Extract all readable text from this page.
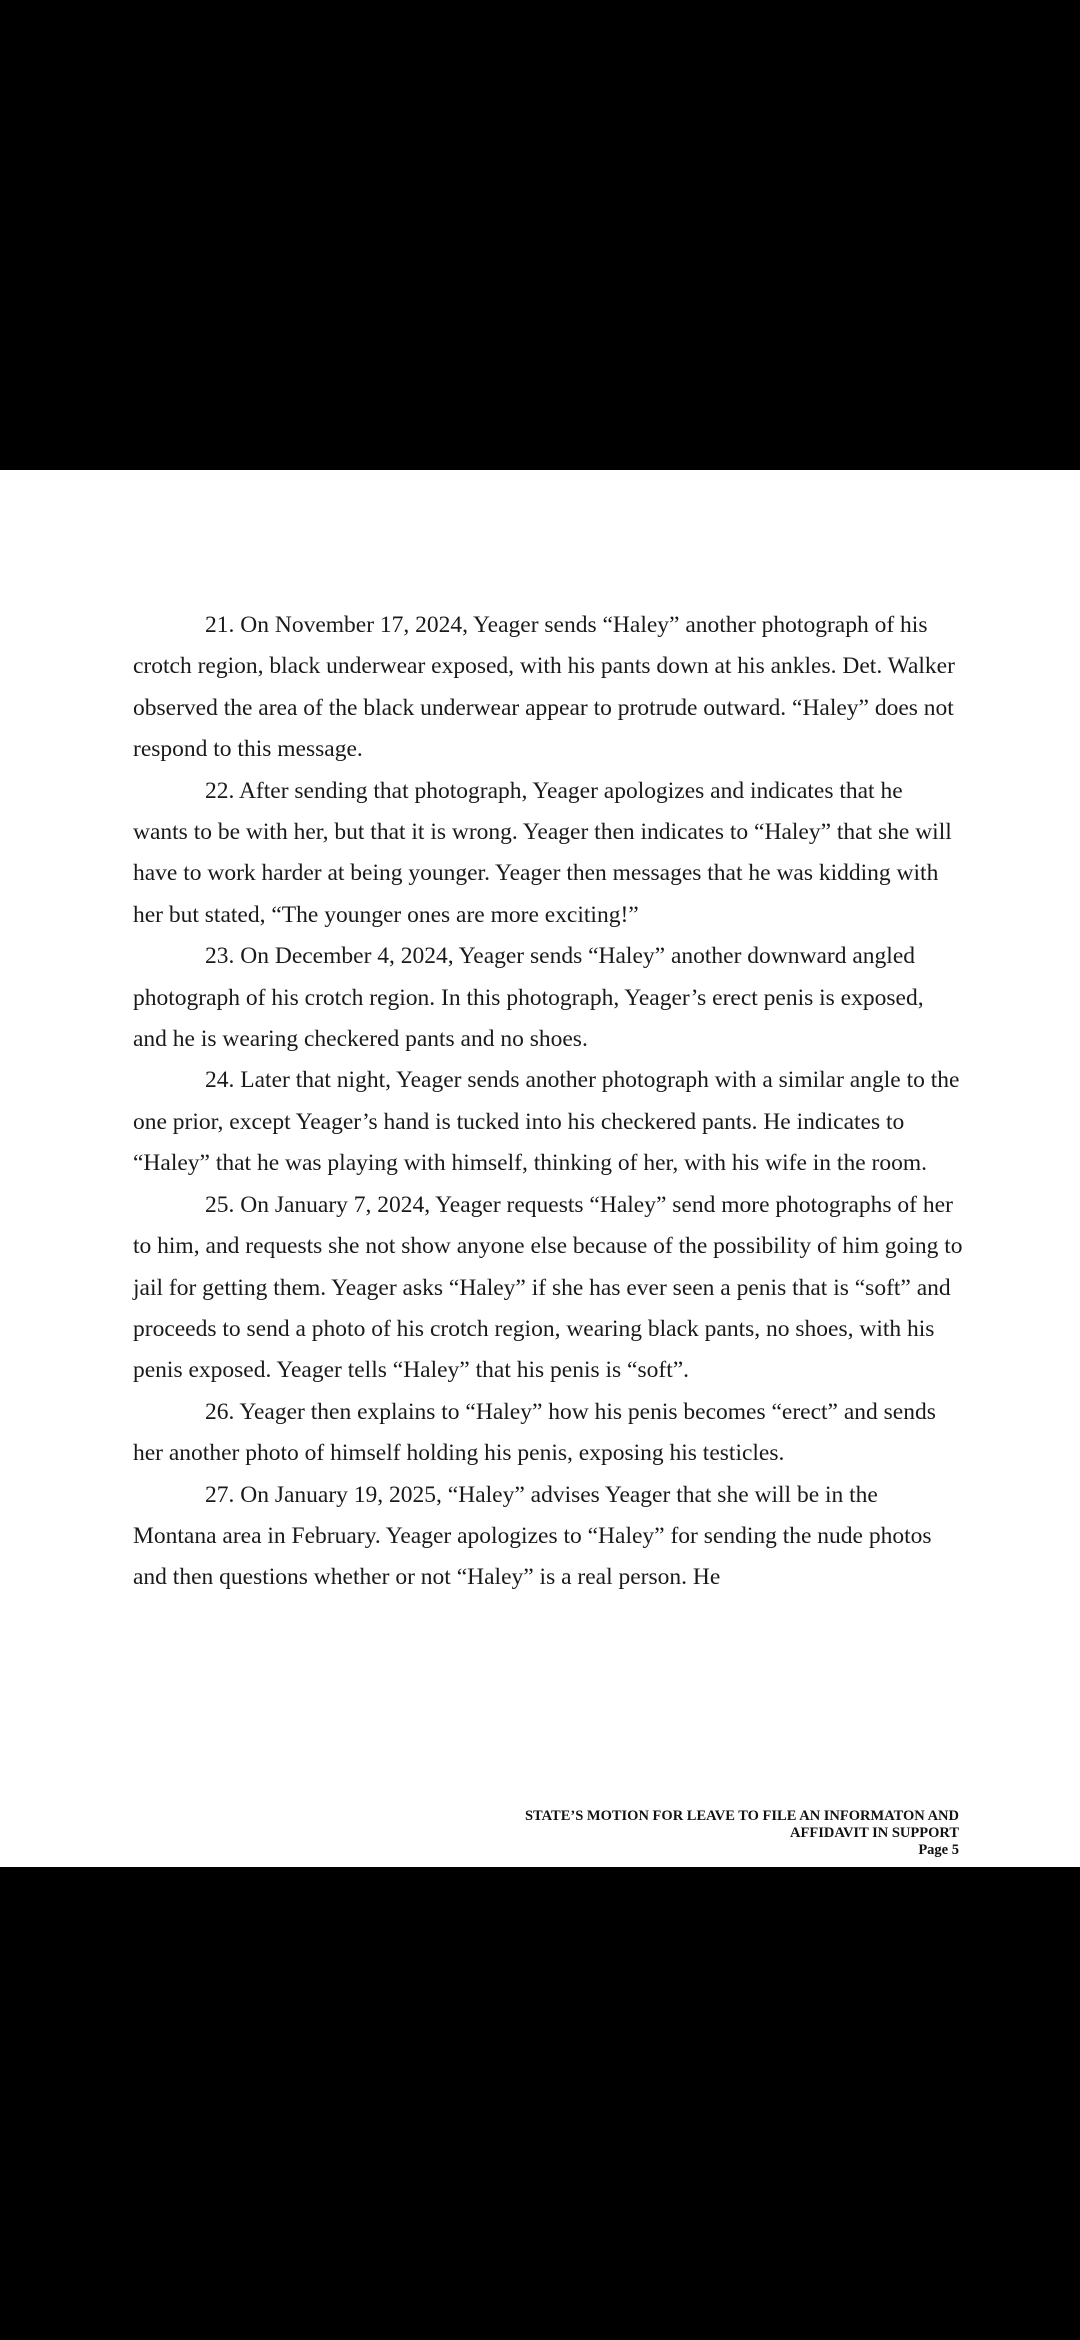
21. On November 17, 2024, Yeager sends “Haley” another photograph of his crotch region, black underwear exposed, with his pants down at his ankles. Det. Walker observed the area of the black underwear appear to protrude outward. “Haley” does not respond to this message.

22. After sending that photograph, Yeager apologizes and indicates that he wants to be with her, but that it is wrong. Yeager then indicates to “Haley” that she will have to work harder at being younger. Yeager then messages that he was kidding with her but stated, “The younger ones are more exciting!”

23. On December 4, 2024, Yeager sends “Haley” another downward angled photograph of his crotch region. In this photograph, Yeager’s erect penis is exposed, and he is wearing checkered pants and no shoes.

24. Later that night, Yeager sends another photograph with a similar angle to the one prior, except Yeager’s hand is tucked into his checkered pants. He indicates to “Haley” that he was playing with himself, thinking of her, with his wife in the room.

25. On January 7, 2024, Yeager requests “Haley” send more photographs of her to him, and requests she not show anyone else because of the possibility of him going to jail for getting them. Yeager asks “Haley” if she has ever seen a penis that is “soft” and proceeds to send a photo of his crotch region, wearing black pants, no shoes, with his penis exposed. Yeager tells “Haley” that his penis is “soft”.

26. Yeager then explains to “Haley” how his penis becomes “erect” and sends her another photo of himself holding his penis, exposing his testicles.

27. On January 19, 2025, “Haley” advises Yeager that she will be in the Montana area in February. Yeager apologizes to “Haley” for sending the nude photos and then questions whether or not “Haley” is a real person. He

STATE’S MOTION FOR LEAVE TO FILE AN INFORMATON AND
AFFIDAVIT IN SUPPORT
Page 5
